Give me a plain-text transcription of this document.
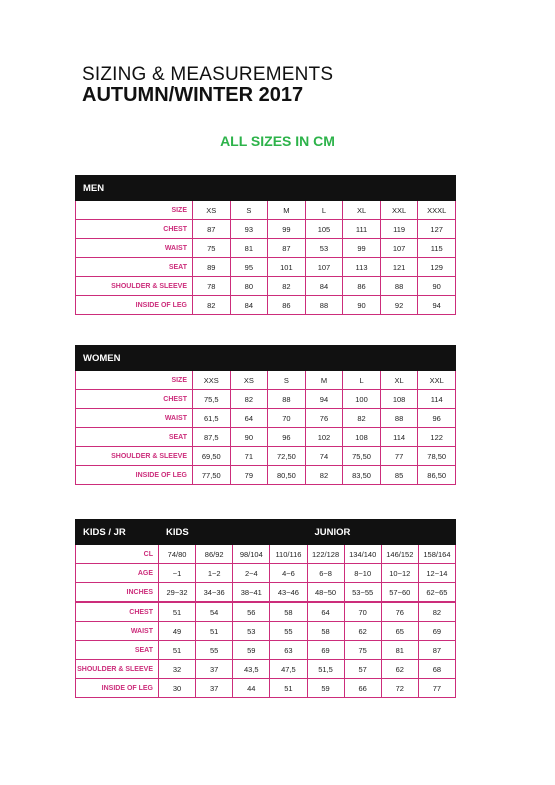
SIZING & MEASUREMENTS
AUTUMN/WINTER 2017
ALL SIZES IN CM
MEN							
SIZE	XS	S	M	L	XL	XXL	XXXL
CHEST	87	93	99	105	111	119	127
WAIST	75	81	87	53	99	107	115
SEAT	89	95	101	107	113	121	129
SHOULDER & SLEEVE	78	80	82	84	86	88	90
INSIDE OF LEG	82	84	86	88	90	92	94
WOMEN							
SIZE	XXS	XS	S	M	L	XL	XXL
CHEST	75,5	82	88	94	100	108	114
WAIST	61,5	64	70	76	82	88	96
SEAT	87,5	90	96	102	108	114	122
SHOULDER & SLEEVE	69,50	71	72,50	74	75,50	77	78,50
INSIDE OF LEG	77,50	79	80,50	82	83,50	85	86,50
KIDS / JR	KIDS				JUNIOR			
CL	74/80	86/92	98/104	110/116	122/128	134/140	146/152	158/164
AGE	~1	1~2	2~4	4~6	6~8	8~10	10~12	12~14
INCHES	29~32	34~36	38~41	43~46	48~50	53~55	57~60	62~65
CHEST	51	54	56	58	64	70	76	82
WAIST	49	51	53	55	58	62	65	69
SEAT	51	55	59	63	69	75	81	87
SHOULDER & SLEEVE	32	37	43,5	47,5	51,5	57	62	68
INSIDE OF LEG	30	37	44	51	59	66	72	77
